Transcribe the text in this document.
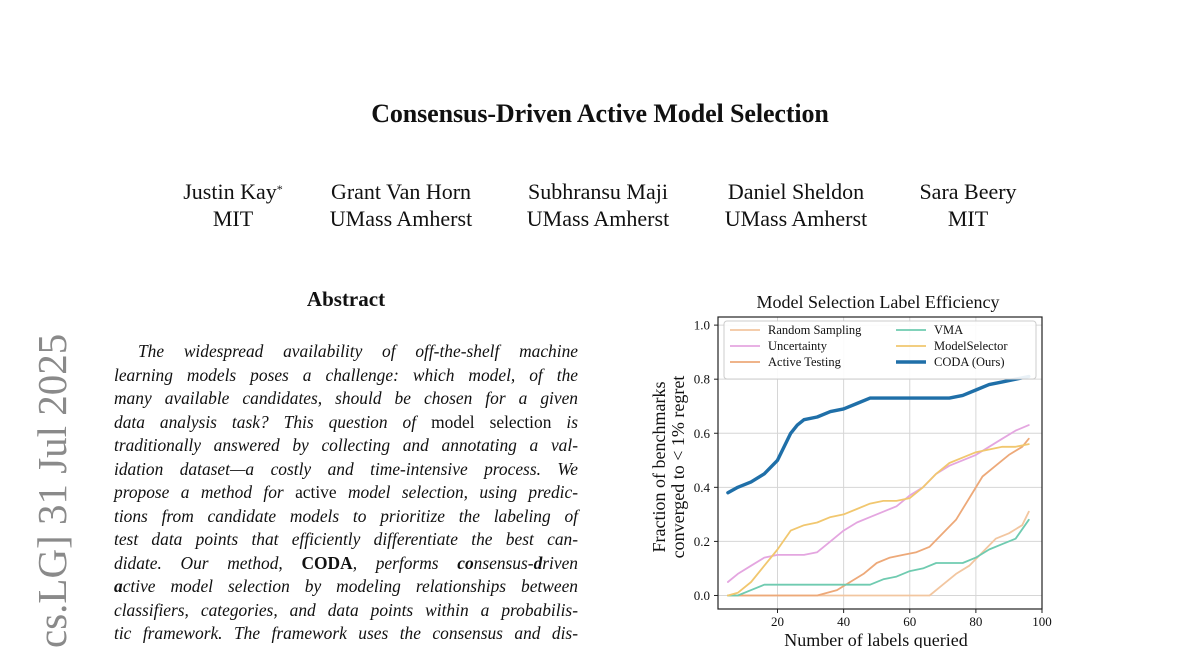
Consensus-Driven Active Model Selection
Justin Kay*
MIT
Grant Van Horn
UMass Amherst
Subhransu Maji
UMass Amherst
Daniel Sheldon
UMass Amherst
Sara Beery
MIT
cs.LG] 31 Jul 2025
Abstract
The widespread availability of off-the-shelf machine
learning models poses a challenge: which model, of the
many available candidates, should be chosen for a given
data analysis task? This question of model selection is
traditionally answered by collecting and annotating a val-
idation dataset—a costly and time-intensive process. We
propose a method for active model selection, using predic-
tions from candidate models to prioritize the labeling of
test data points that efficiently differentiate the best can-
didate. Our method, CODA, performs consensus-driven
active model selection by modeling relationships between
classifiers, categories, and data points within a probabilis-
tic framework. The framework uses the consensus and dis-
Model Selection Label Efficiency
20	40	60	80	100
0.0
0.2
0.4
0.6
0.8
1.0
Number of labels queried
Fraction of benchmarks converged to < 1% regret
Random Sampling	VMA
Uncertainty	ModelSelector
Active Testing	CODA (Ours)
